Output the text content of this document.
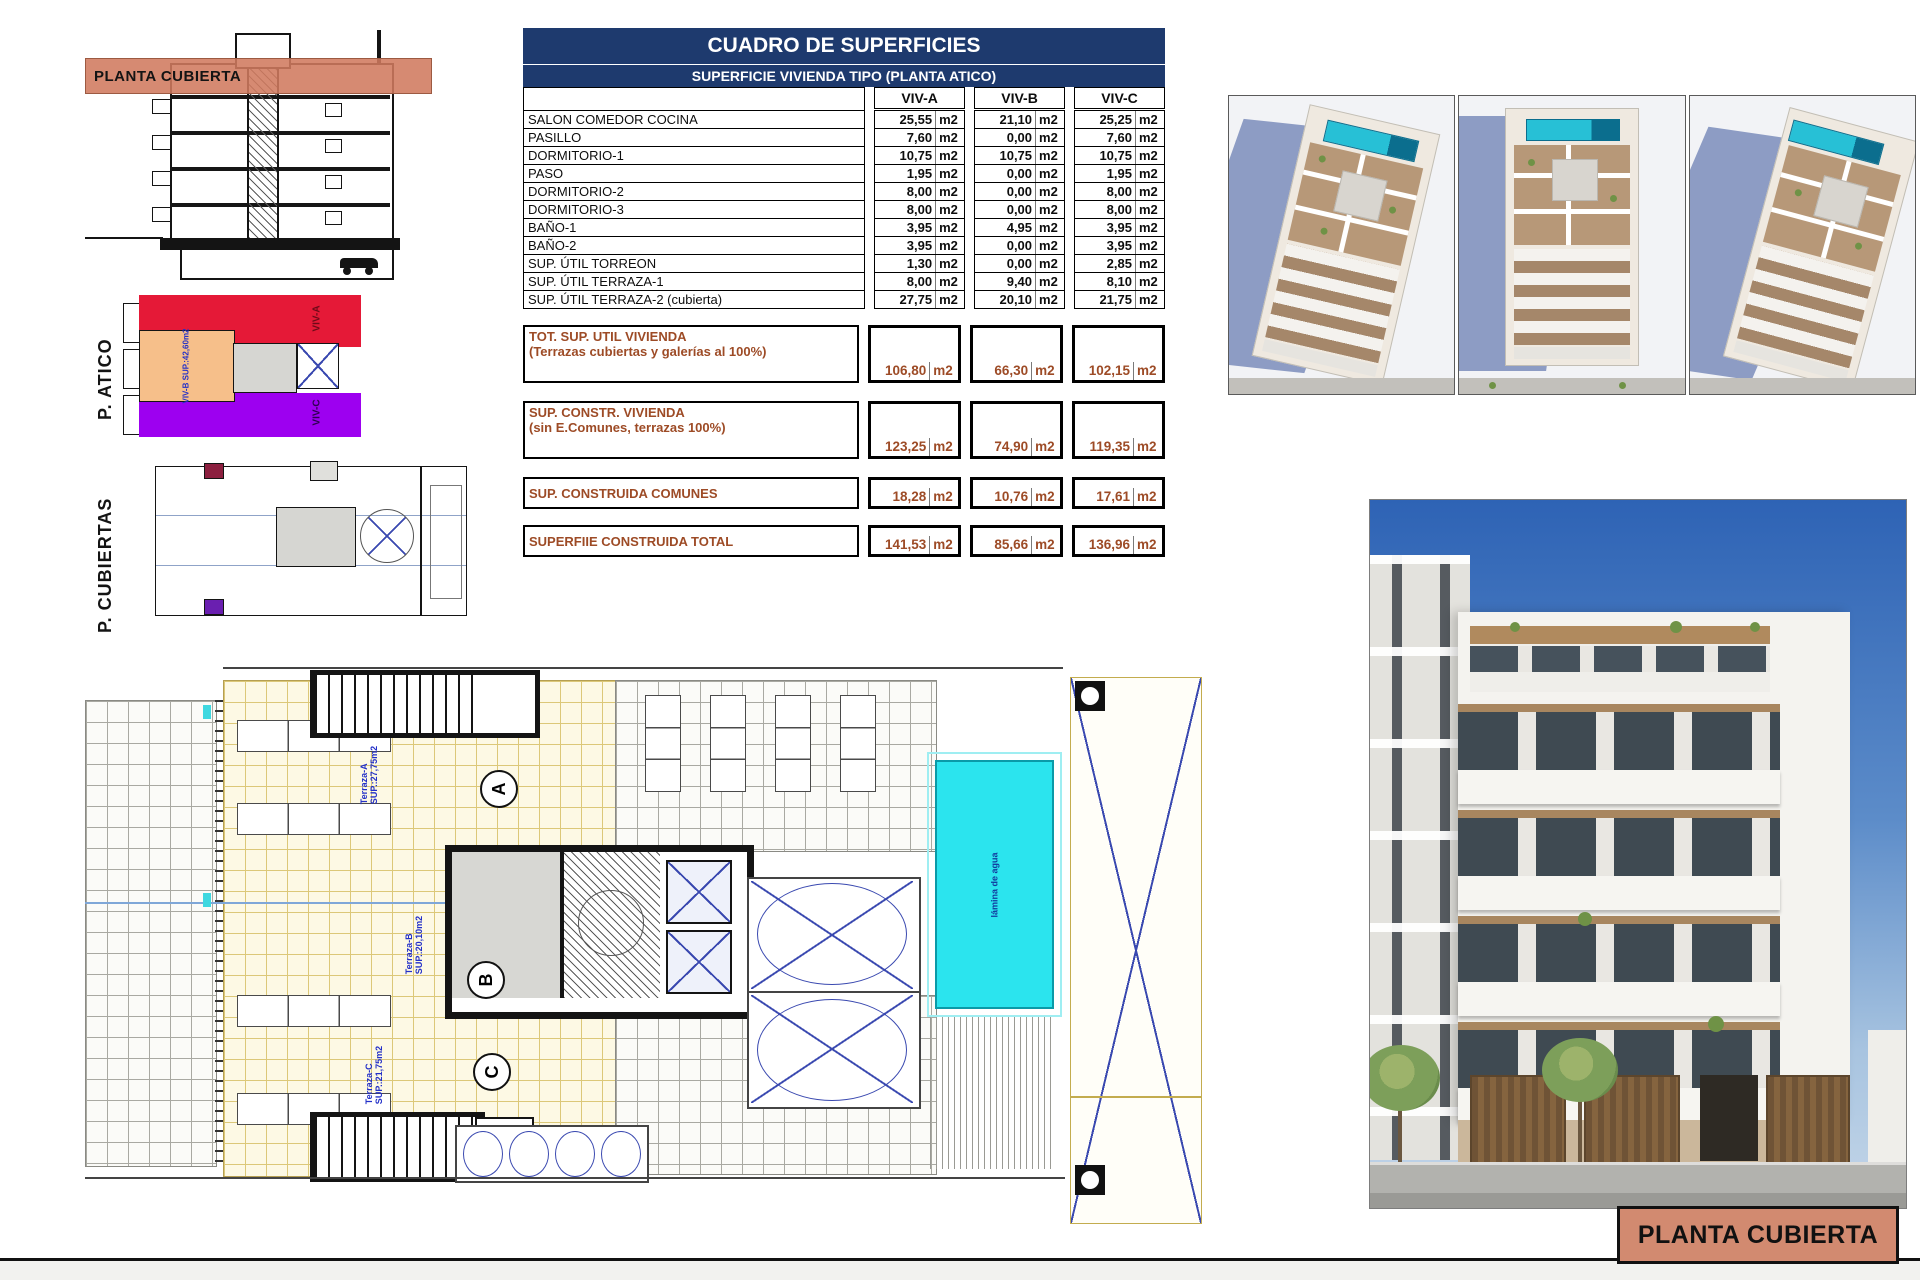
PLANTA CUBIERTA
P. ATICO
VIV-A
VIV-C
VIV-B SUP.:42,60m2
P. CUBIERTAS
CUADRO DE SUPERFICIES
SUPERFICIE VIVIENDA TIPO (PLANTA ATICO)
VIV-A	VIV-B	VIV-C
SALON COMEDOR COCINA	25,55 m2	21,10 m2	25,25 m2
PASILLO	7,60 m2	0,00 m2	7,60 m2
DORMITORIO-1	10,75 m2	10,75 m2	10,75 m2
PASO	1,95 m2	0,00 m2	1,95 m2
DORMITORIO-2	8,00 m2	0,00 m2	8,00 m2
DORMITORIO-3	8,00 m2	0,00 m2	8,00 m2
BAÑO-1	3,95 m2	4,95 m2	3,95 m2
BAÑO-2	3,95 m2	0,00 m2	3,95 m2
SUP. ÚTIL TORREON	1,30 m2	0,00 m2	2,85 m2
SUP. ÚTIL TERRAZA-1	8,00 m2	9,40 m2	8,10 m2
SUP. ÚTIL TERRAZA-2 (cubierta)	27,75 m2	20,10 m2	21,75 m2
TOT. SUP. UTIL VIVIENDA
(Terrazas cubiertas y galerías al 100%)
106,80 m2	66,30 m2	102,15 m2
SUP. CONSTR. VIVIENDA
(sin E.Comunes, terrazas 100%)
123,25 m2	74,90 m2	119,35 m2
SUP. CONSTRUIDA COMUNES	18,28 m2	10,76 m2	17,61 m2
SUPERFIIE CONSTRUIDA TOTAL	141,53 m2	85,66 m2	136,96 m2
lámina de agua
A
B
C
Terraza-A
SUP.:27,75m2
Terraza-B
SUP.:20,10m2
Terraza-C
SUP.:21,75m2
PLANTA CUBIERTA
